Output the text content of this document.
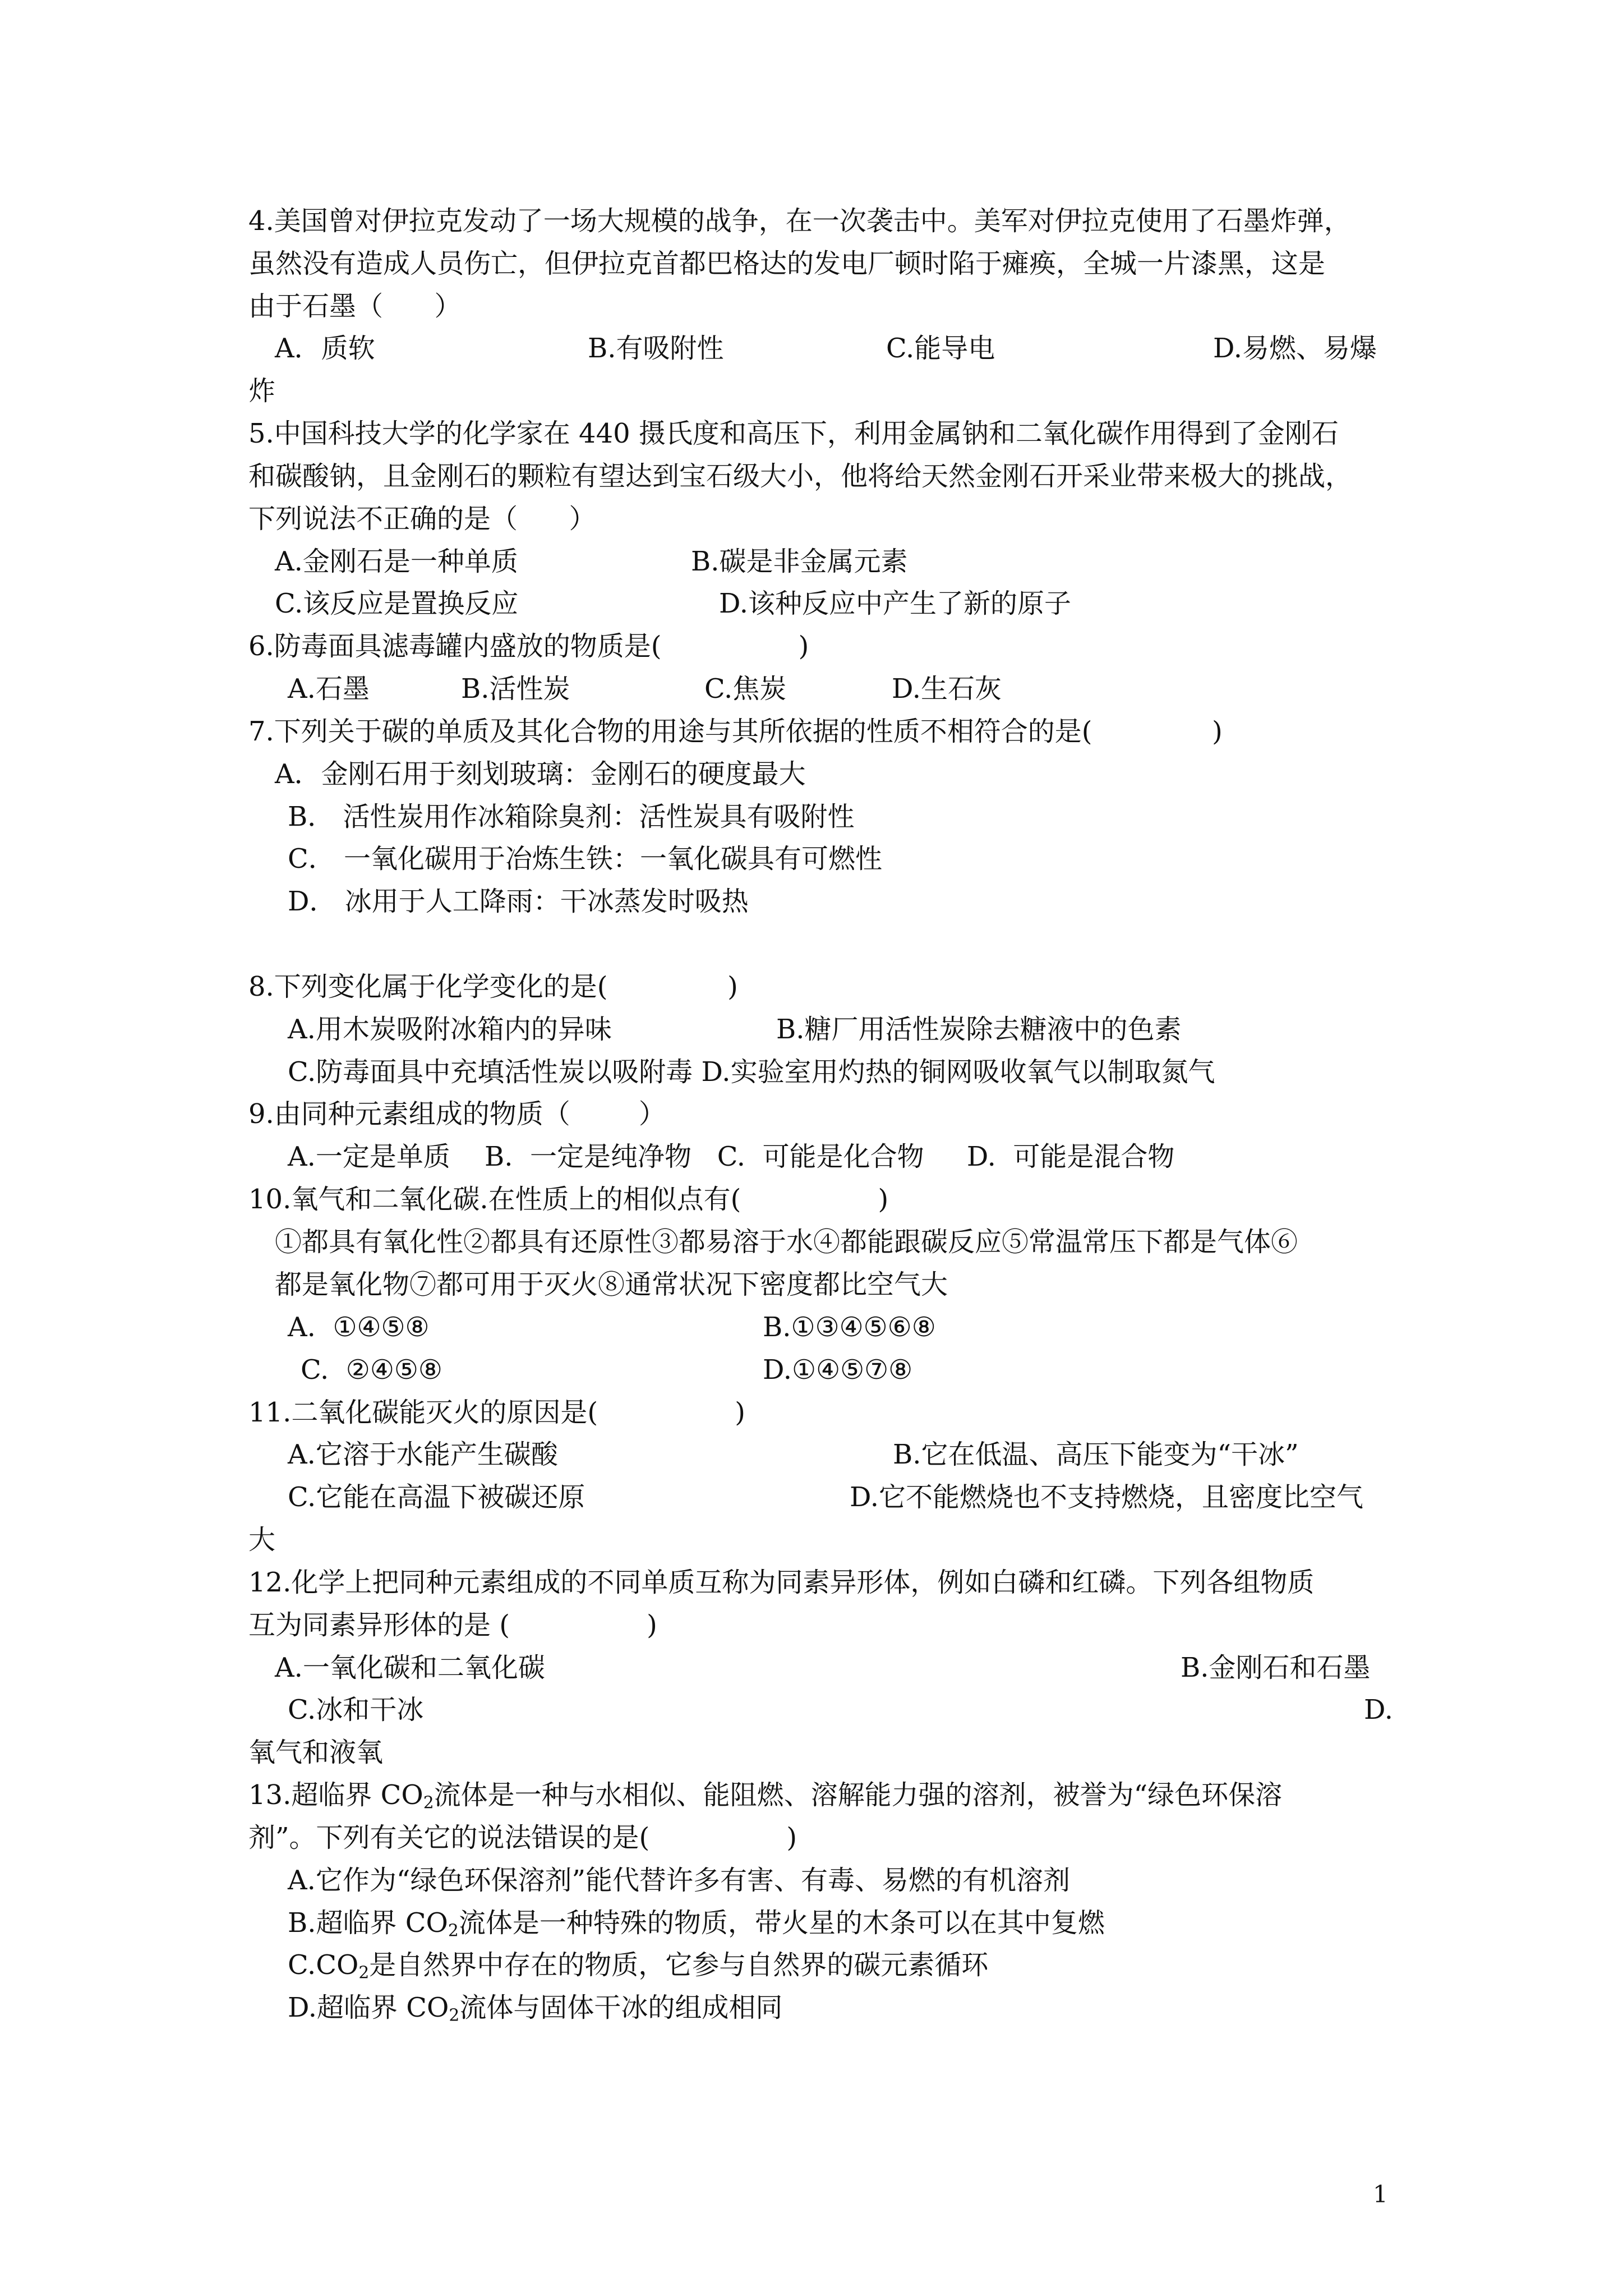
4.美国曾对伊拉克发动了一场大规模的战争，在一次袭击中。美军对伊拉克使用了石墨炸弹，
虽然没有造成人员伤亡，但伊拉克首都巴格达的发电厂顿时陷于瘫痪，全城一片漆黑，这是
由于石墨（      ）
A．质软	B.有吸附性	C.能导电	D.易燃、易爆
炸
5.中国科技大学的化学家在 440 摄氏度和高压下，利用金属钠和二氧化碳作用得到了金刚石
和碳酸钠，且金刚石的颗粒有望达到宝石级大小，他将给天然金刚石开采业带来极大的挑战，
下列说法不正确的是（      ）
A.金刚石是一种单质	B.碳是非金属元素
C.该反应是置换反应	D.该种反应中产生了新的原子
6.防毒面具滤毒罐内盛放的物质是(                )
A.石墨	B.活性炭	C.焦炭	D.生石灰
7.下列关于碳的单质及其化合物的用途与其所依据的性质不相符合的是(              )
A．金刚石用于刻划玻璃：金刚石的硬度最大
B． 活性炭用作冰箱除臭剂：活性炭具有吸附性
C． 一氧化碳用于冶炼生铁：一氧化碳具有可燃性
D． 冰用于人工降雨：干冰蒸发时吸热
8.下列变化属于化学变化的是(              )
A.用木炭吸附冰箱内的异味	B.糖厂用活性炭除去糖液中的色素
C.防毒面具中充填活性炭以吸附毒 D.实验室用灼热的铜网吸收氧气以制取氮气
9.由同种元素组成的物质（        ）
A.一定是单质    B.  一定是纯净物   C.  可能是化合物     D.  可能是混合物
10.氧气和二氧化碳.在性质上的相似点有(                )
①都具有氧化性②都具有还原性③都易溶于水④都能跟碳反应⑤常温常压下都是气体⑥
都是氧化物⑦都可用于灭火⑧通常状况下密度都比空气大
A.  ①④⑤⑧	B.①③④⑤⑥⑧
C.  ②④⑤⑧	D.①④⑤⑦⑧
11.二氧化碳能灭火的原因是(                )
A.它溶于水能产生碳酸	B.它在低温、高压下能变为“干冰”
C.它能在高温下被碳还原	D.它不能燃烧也不支持燃烧，且密度比空气
大
12.化学上把同种元素组成的不同单质互称为同素异形体，例如白磷和红磷。下列各组物质
互为同素异形体的是 (                )
A.一氧化碳和二氧化碳	B.金刚石和石墨
C.冰和干冰	D.
氧气和液氧
13.超临界 $CO_2$流体是一种与水相似、能阻燃、溶解能力强的溶剂，被誉为“绿色环保溶
剂”。下列有关它的说法错误的是(                )
A.它作为“绿色环保溶剂”能代替许多有害、有毒、易燃的有机溶剂
B.超临界 $CO_2$流体是一种特殊的物质，带火星的木条可以在其中复燃
$C.CO_2$是自然界中存在的物质，它参与自然界的碳元素循环
D.超临界 $CO_2$流体与固体干冰的组成相同
1
